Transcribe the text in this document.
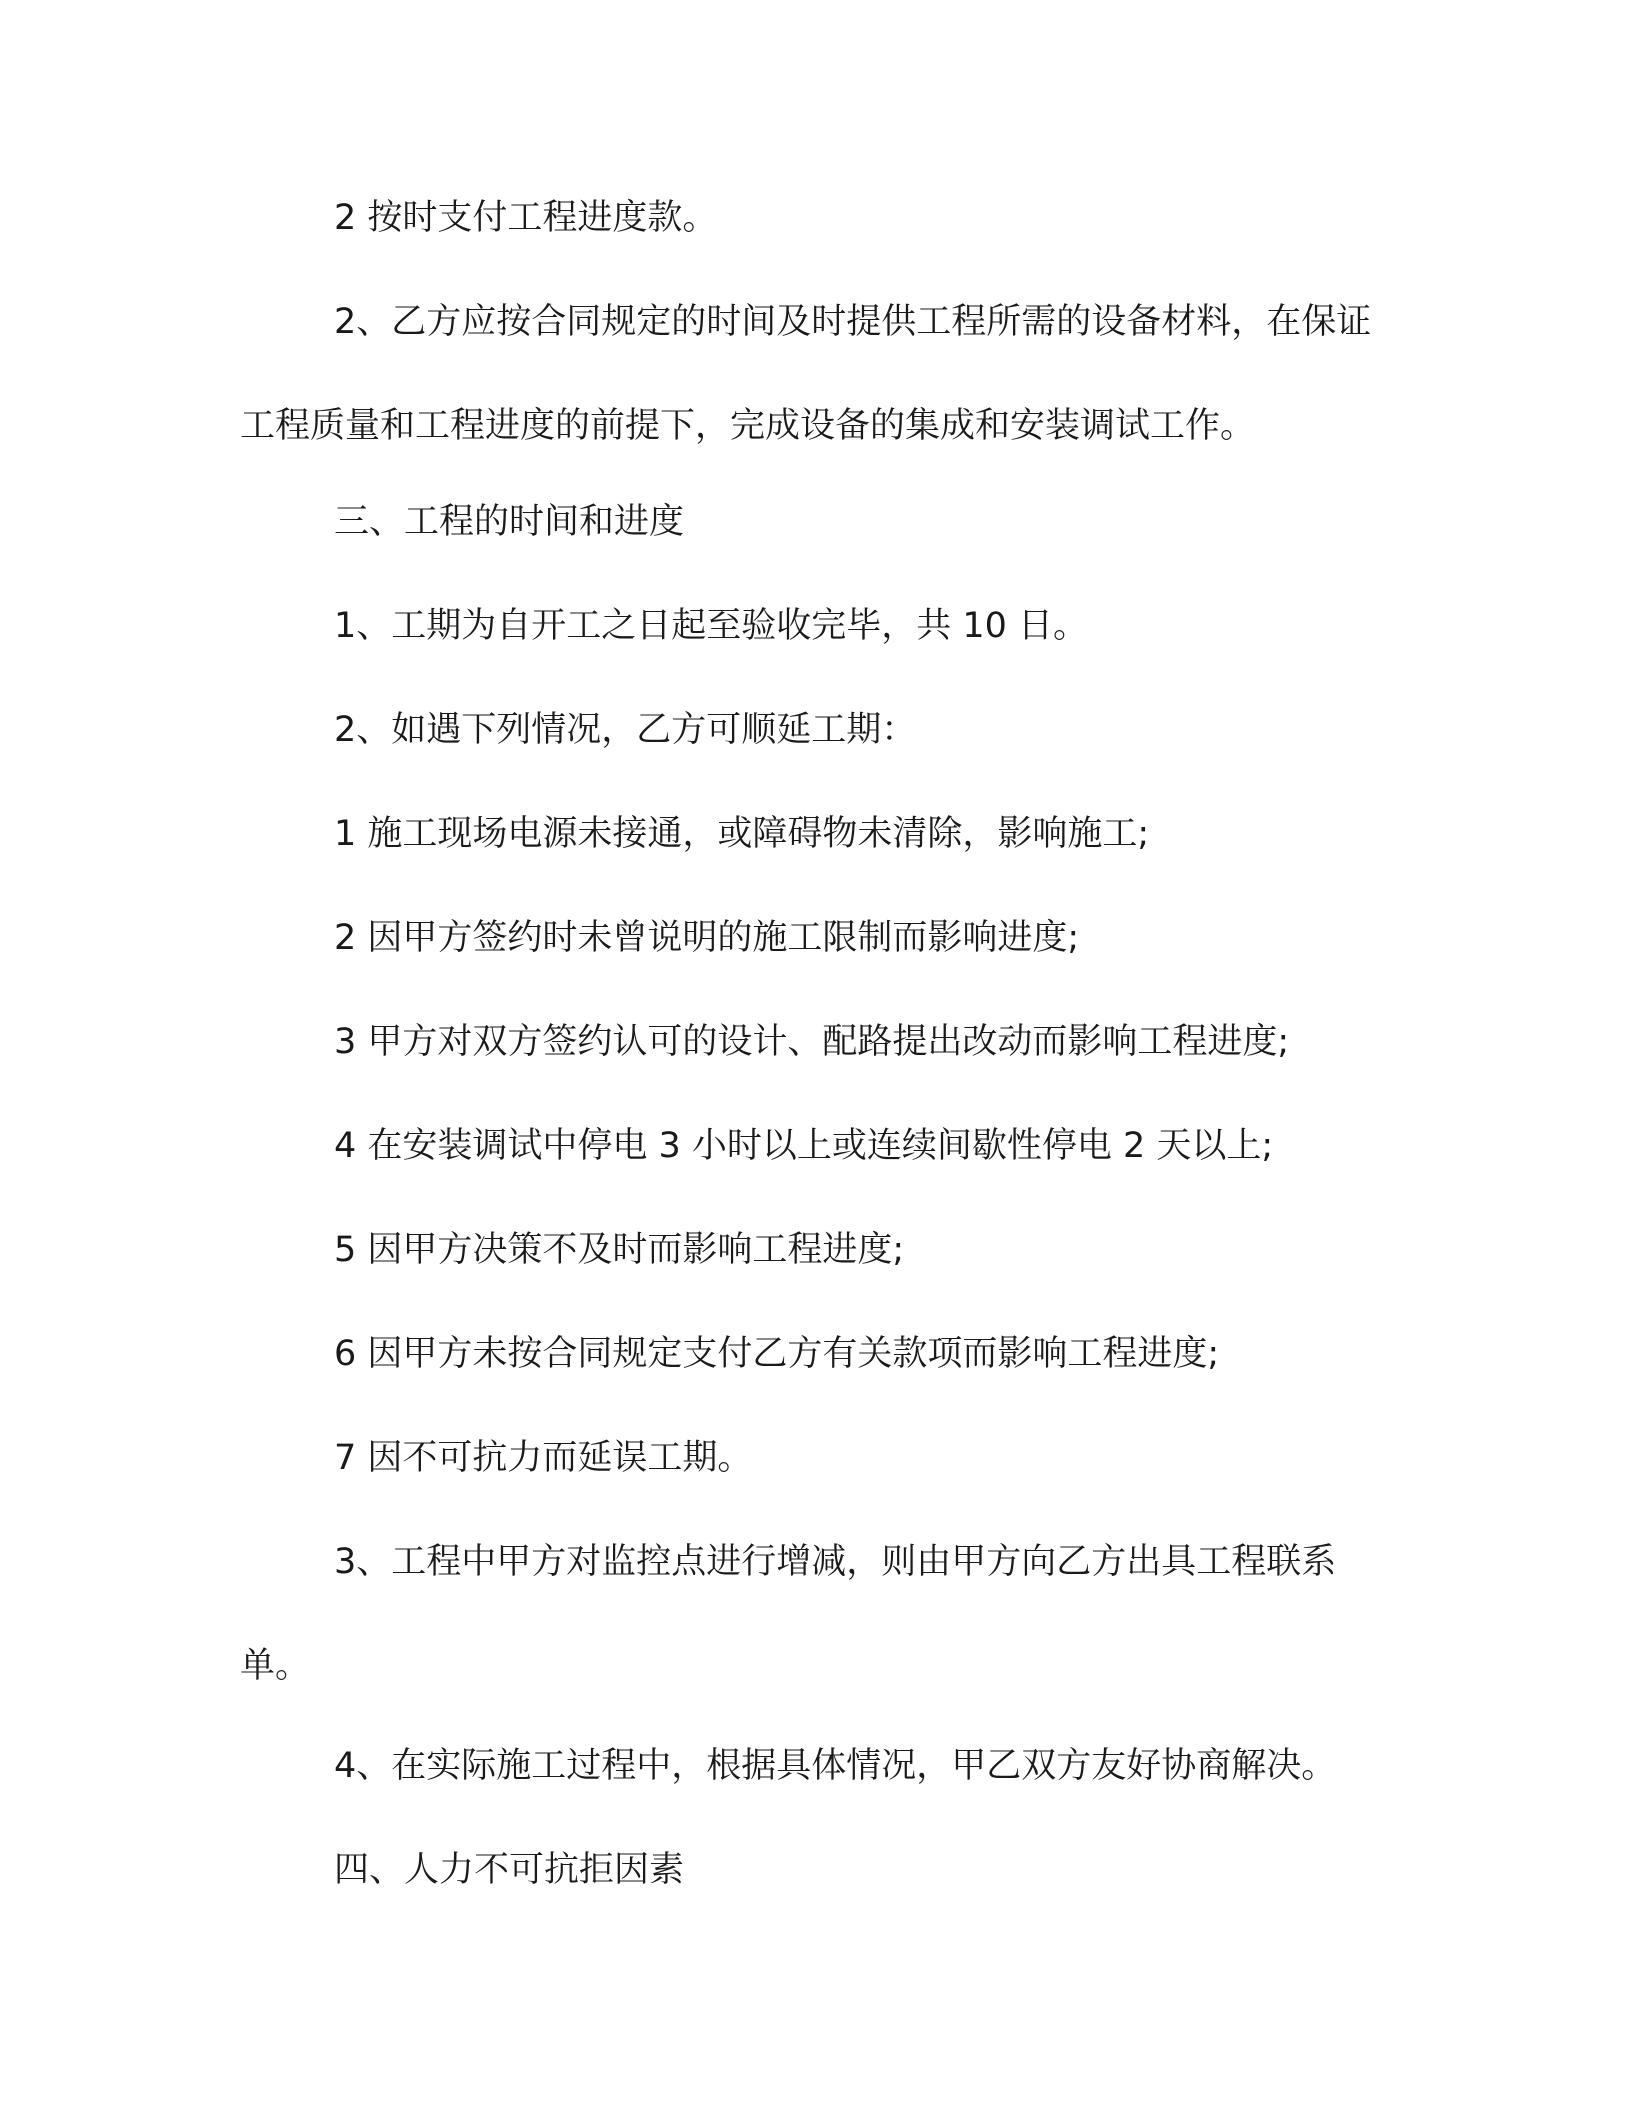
2 按时支付工程进度款。

2、乙方应按合同规定的时间及时提供工程所需的设备材料，在保证工程质量和工程进度的前提下，完成设备的集成和安装调试工作。

三、工程的时间和进度

1、工期为自开工之日起至验收完毕，共 10 日。

2、如遇下列情况，乙方可顺延工期：

1 施工现场电源未接通，或障碍物未清除，影响施工;

2 因甲方签约时未曾说明的施工限制而影响进度;

3 甲方对双方签约认可的设计、配路提出改动而影响工程进度;

4 在安装调试中停电 3 小时以上或连续间歇性停电 2 天以上;

5 因甲方决策不及时而影响工程进度;

6 因甲方未按合同规定支付乙方有关款项而影响工程进度;

7 因不可抗力而延误工期。

3、工程中甲方对监控点进行增减，则由甲方向乙方出具工程联系单。

4、在实际施工过程中，根据具体情况，甲乙双方友好协商解决。

四、人力不可抗拒因素
